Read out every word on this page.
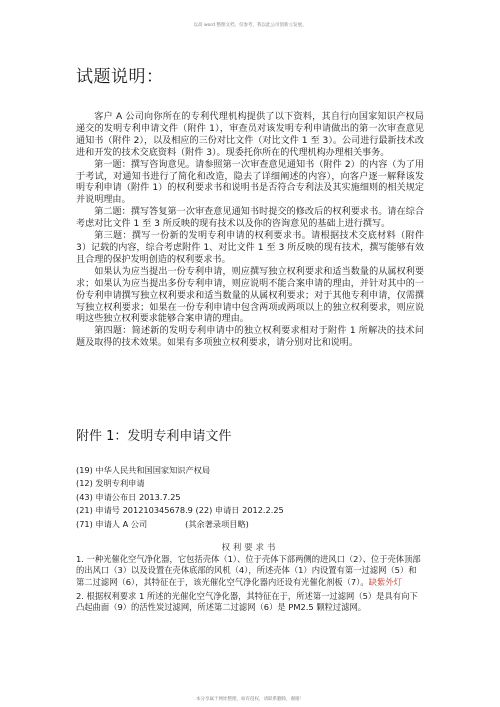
以高 word 整理文档，仅参考，我以此公司创新立发展。
试题说明：

客户 A 公司向你所在的专利代理机构提供了以下资料，其自行向国家知识产权局递交的发明专利申请文件（附件 1），审查员对该发明专利申请做出的第一次审查意见通知书（附件 2），以及相应的三份对比文件（对比文件 1 至 3）。公司进行最新技术改进和开发的技术交底资料（附件 3）。现委托你所在的代理机构办理相关事务。

第一题：撰写咨询意见。请参照第一次审查意见通知书（附件 2）的内容（为了用于考试，对通知书进行了简化和改造，隐去了详细阐述的内容），向客户逐一解释该发明专利申请（附件 1）的权利要求书和说明书是否符合专利法及其实施细则的相关规定并说明理由。

第二题：撰写答复第一次审查意见通知书时提交的修改后的权利要求书。请在综合考虑对比文件 1 至 3 所反映的现有技术以及你的咨询意见的基础上进行撰写。

第三题：撰写一份新的发明专利申请的权利要求书。请根据技术交底材料（附件 3）记载的内容，综合考虑附件 1、对比文件 1 至 3 所反映的现有技术，撰写能够有效且合理的保护发明创造的权利要求书。

如果认为应当提出一份专利申请，则应撰写独立权利要求和适当数量的从属权利要求；如果认为应当提出多份专利申请，则应说明不能合案申请的理由，并针对其中的一份专利申请撰写独立权利要求和适当数量的从属权利要求；对于其他专利申请，仅需撰写独立权利要求；如果在一份专利申请中包含两项或两项以上的独立权利要求，则应说明这些独立权利要求能够合案申请的理由。

第四题：简述新的发明专利申请中的独立权利要求相对于附件 1 所解决的技术问题及取得的技术效果。如果有多项独立权利要求，请分别对比和说明。

附件 1：发明专利申请文件
(19) 中华人民共和国国家知识产权局
(12) 发明专利申请
(43) 申请公布日 2013.7.25
(21) 申请号 201210345678.9 (22) 申请日 2012.2.25
(71) 申请人 A 公司	(其余著录项目略)
权利要求书

1. 一种光催化空气净化器，它包括壳体（1）、位于壳体下部两侧的进风口（2）、位于壳体顶部的出风口（3）以及设置在壳体底部的风机（4），所述壳体（1）内设置有第一过滤网（5）和第二过滤网（6），其特征在于，该光催化空气净化器内还设有光催化剂板（7）。缺紫外灯

2. 根据权利要求 1 所述的光催化空气净化器，其特征在于，所述第一过滤网（5）是具有向下凸起曲面（9）的活性炭过滤网，所述第二过滤网（6）是 PM2.5 颗粒过滤网。

本分享属于网址整理，如有侵权，请联系删除，谢谢！
